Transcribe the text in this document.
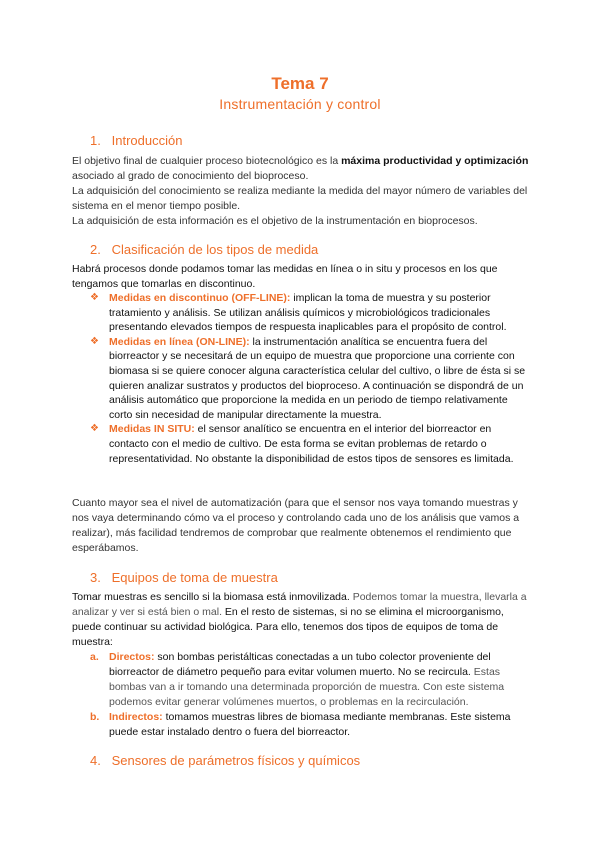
Tema 7
Instrumentación y control
1. Introducción
El objetivo final de cualquier proceso biotecnológico es la máxima productividad y optimización asociado al grado de conocimiento del bioproceso.
La adquisición del conocimiento se realiza mediante la medida del mayor número de variables del sistema en el menor tiempo posible.
La adquisición de esta información es el objetivo de la instrumentación en bioprocesos.
2. Clasificación de los tipos de medida
Habrá procesos donde podamos tomar las medidas en línea o in situ y procesos en los que tengamos que tomarlas en discontinuo.
❖ Medidas en discontinuo (OFF-LINE): implican la toma de muestra y su posterior tratamiento y análisis. Se utilizan análisis químicos y microbiológicos tradicionales presentando elevados tiempos de respuesta inaplicables para el propósito de control.
❖ Medidas en línea (ON-LINE): la instrumentación analítica se encuentra fuera del biorreactor y se necesitará de un equipo de muestra que proporcione una corriente con biomasa si se quiere conocer alguna característica celular del cultivo, o libre de ésta si se quieren analizar sustratos y productos del bioproceso. A continuación se dispondrá de un análisis automático que proporcione la medida en un periodo de tiempo relativamente corto sin necesidad de manipular directamente la muestra.
❖ Medidas IN SITU: el sensor analítico se encuentra en el interior del biorreactor en contacto con el medio de cultivo. De esta forma se evitan problemas de retardo o representatividad. No obstante la disponibilidad de estos tipos de sensores es limitada.
Cuanto mayor sea el nivel de automatización (para que el sensor nos vaya tomando muestras y nos vaya determinando cómo va el proceso y controlando cada uno de los análisis que vamos a realizar), más facilidad tendremos de comprobar que realmente obtenemos el rendimiento que esperábamos.
3. Equipos de toma de muestra
Tomar muestras es sencillo si la biomasa está inmovilizada. Podemos tomar la muestra, llevarla a analizar y ver si está bien o mal. En el resto de sistemas, si no se elimina el microorganismo, puede continuar su actividad biológica. Para ello, tenemos dos tipos de equipos de toma de muestra:
a. Directos: son bombas peristálticas conectadas a un tubo colector proveniente del biorreactor de diámetro pequeño para evitar volumen muerto. No se recircula. Estas bombas van a ir tomando una determinada proporción de muestra. Con este sistema podemos evitar generar volúmenes muertos, o problemas en la recirculación.
b. Indirectos: tomamos muestras libres de biomasa mediante membranas. Este sistema puede estar instalado dentro o fuera del biorreactor.
4. Sensores de parámetros físicos y químicos
